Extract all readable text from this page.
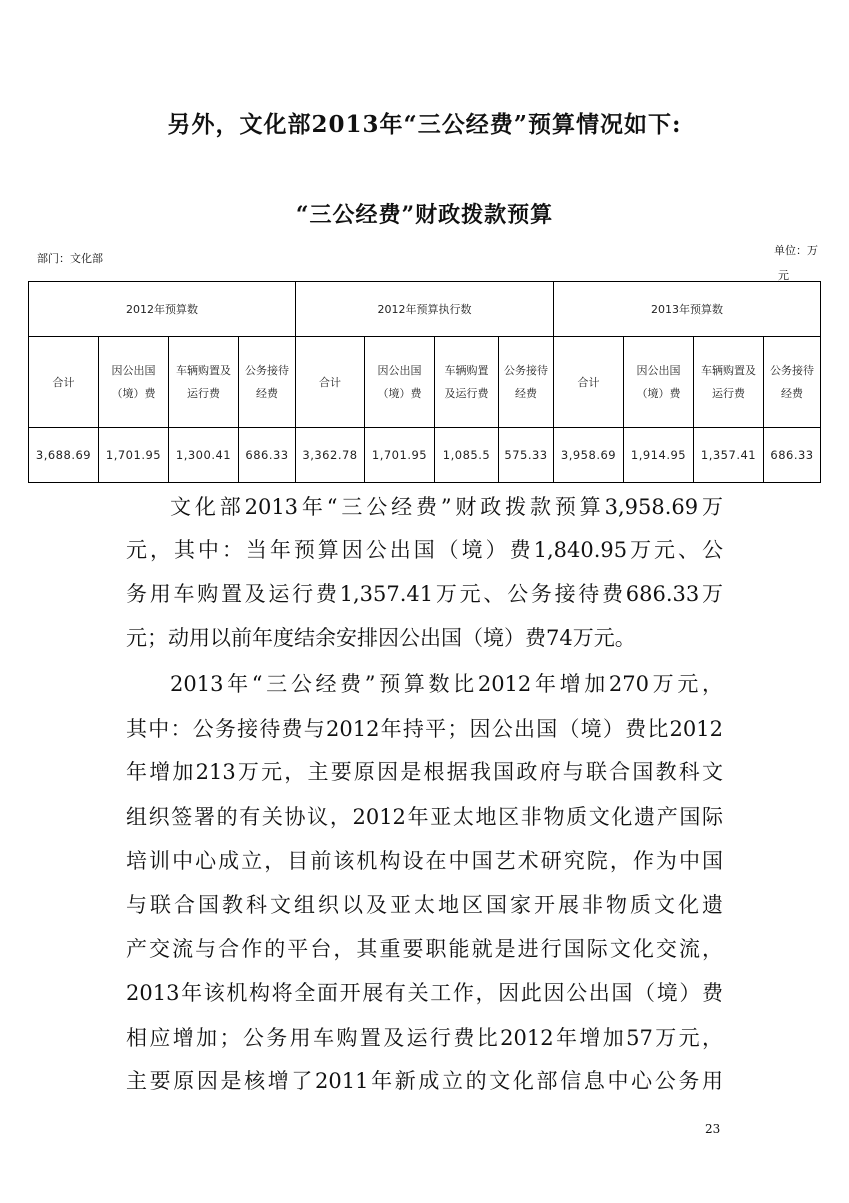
另外，文化部2013年“三公经费”预算情况如下:
“三公经费”财政拨款预算
部门：文化部
单位：万
元
2012年预算数				2012年预算执行数				2013年预算数			
合计	因公出国（境）费	车辆购置及运行费	公务接待经费	合计	因公出国（境）费	车辆购置及运行费	公务接待经费	合计	因公出国（境）费	车辆购置及运行费	公务接待经费
3,688.69	1,701.95	1,300.41	686.33	3,362.78	1,701.95	1,085.5	575.33	3,958.69	1,914.95	1,357.41	686.33
文化部2013年“三公经费”财政拨款预算3,958.69万
元，其中：当年预算因公出国（境）费1,840.95万元、公
务用车购置及运行费1,357.41万元、公务接待费686.33万
元；动用以前年度结余安排因公出国（境）费74万元。
2013年“三公经费”预算数比2012年增加270万元，
其中：公务接待费与2012年持平；因公出国（境）费比2012
年增加213万元，主要原因是根据我国政府与联合国教科文
组织签署的有关协议，2012年亚太地区非物质文化遗产国际
培训中心成立，目前该机构设在中国艺术研究院，作为中国
与联合国教科文组织以及亚太地区国家开展非物质文化遗
产交流与合作的平台，其重要职能就是进行国际文化交流，
2013年该机构将全面开展有关工作，因此因公出国（境）费
相应增加；公务用车购置及运行费比2012年增加57万元，
主要原因是核增了2011年新成立的文化部信息中心公务用
23
